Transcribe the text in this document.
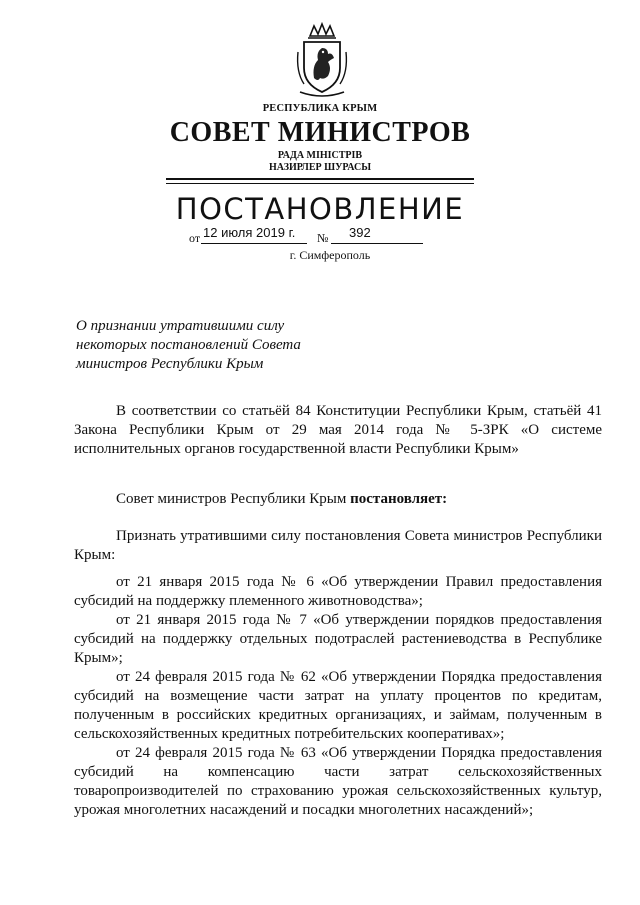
РЕСПУБЛИКА КРЫМ
СОВЕТ МИНИСТРОВ
РАДА МІНІСТРІВ
НАЗИРЛЕР ШУРАСЫ
ПОСТАНОВЛЕНИЕ
от 12 июля 2019 г. № 392
г. Симферополь
О признании утратившими силу
некоторых постановлений Совета
министров Республики Крым

В соответствии со статьёй 84 Конституции Республики Крым, статьёй 41 Закона Республики Крым от 29 мая 2014 года № 5-ЗРК «О системе исполнительных органов государственной власти Республики Крым»

Совет министров Республики Крым постановляет:

Признать утратившими силу постановления Совета министров Республики Крым:

от 21 января 2015 года № 6 «Об утверждении Правил предоставления субсидий на поддержку племенного животноводства»;

от 21 января 2015 года № 7 «Об утверждении порядков предоставления субсидий на поддержку отдельных подотраслей растениеводства в Республике Крым»;

от 24 февраля 2015 года № 62 «Об утверждении Порядка предоставления субсидий на возмещение части затрат на уплату процентов по кредитам, полученным в российских кредитных организациях, и займам, полученным в сельскохозяйственных кредитных потребительских кооперативах»;

от 24 февраля 2015 года № 63 «Об утверждении Порядка предоставления субсидий на компенсацию части затрат сельскохозяйственных товаропроизводителей по страхованию урожая сельскохозяйственных культур, урожая многолетних насаждений и посадки многолетних насаждений»;
